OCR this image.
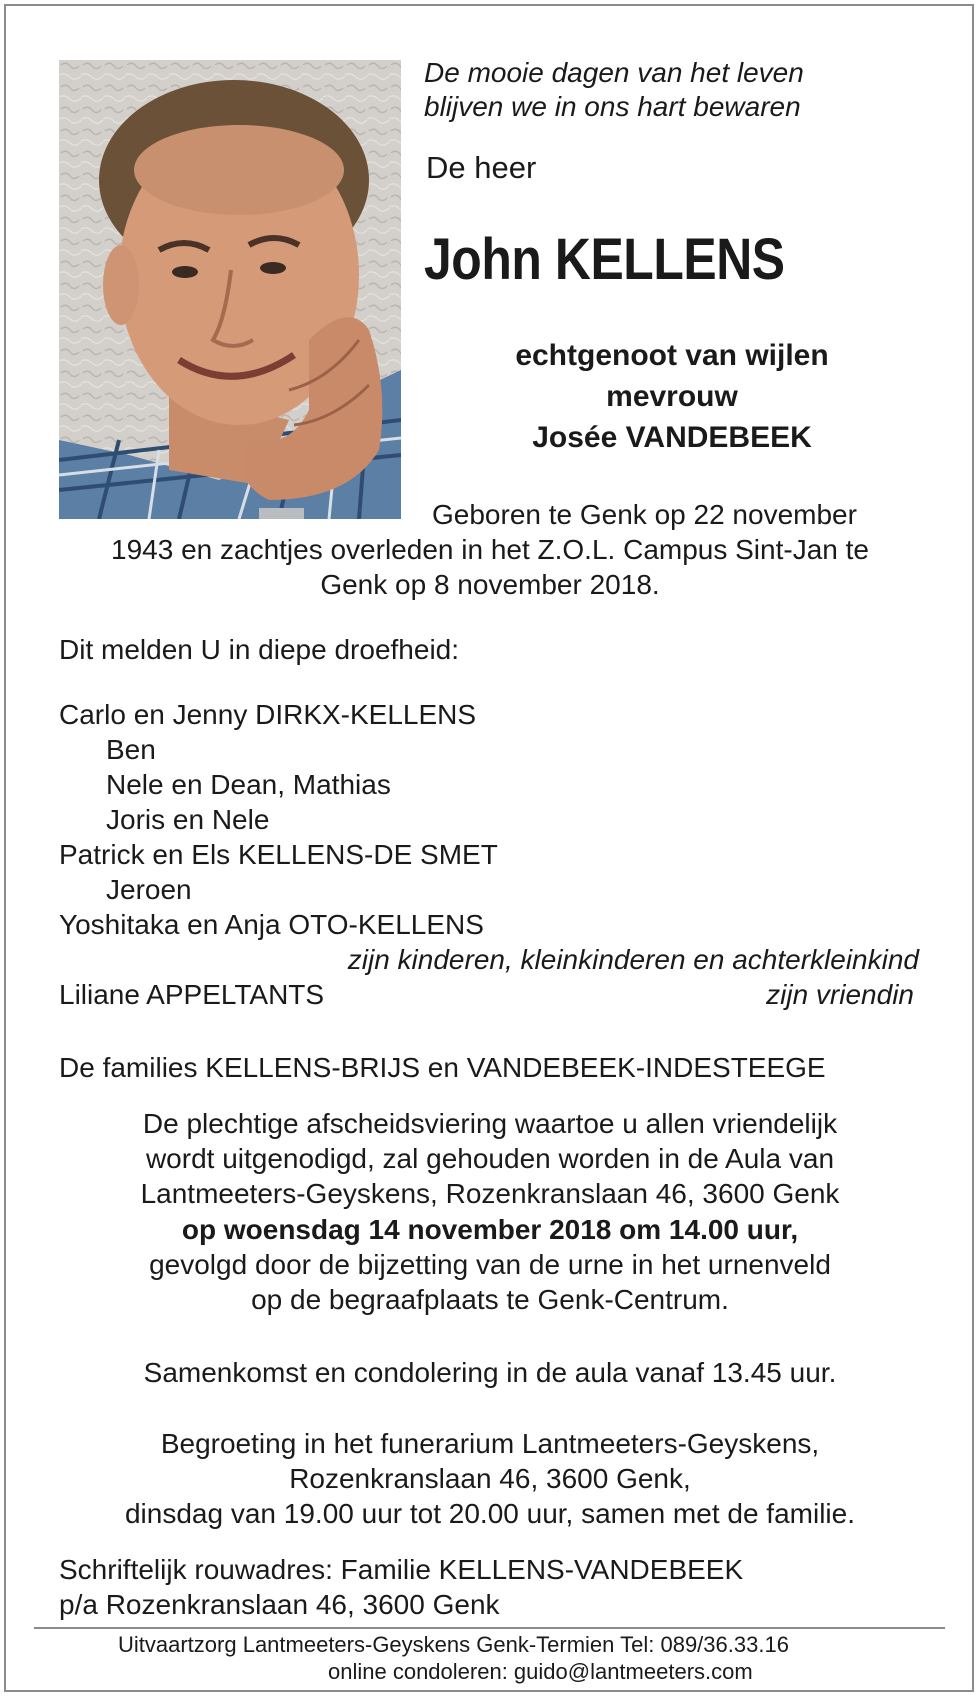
De mooie dagen van het leven

blijven we in ons hart bewaren

De heer

John KELLENS

echtgenoot van wijlen

mevrouw

Josée VANDEBEEK

Geboren te Genk op 22 november

1943 en zachtjes overleden in het Z.O.L. Campus Sint-Jan te

Genk op 8 november 2018.

Dit melden U in diepe droefheid:

Carlo en Jenny DIRKX-KELLENS

Ben

Nele en Dean, Mathias

Joris en Nele

Patrick en Els KELLENS-DE SMET

Jeroen

Yoshitaka en Anja OTO-KELLENS

zijn kinderen, kleinkinderen en achterkleinkind

Liliane APPELTANTS	zijn vriendin

De families KELLENS-BRIJS en VANDEBEEK-INDESTEEGE

De plechtige afscheidsviering waartoe u allen vriendelijk

wordt uitgenodigd, zal gehouden worden in de Aula van

Lantmeeters-Geyskens, Rozenkranslaan 46, 3600 Genk

op woensdag 14 november 2018 om 14.00 uur,

gevolgd door de bijzetting van de urne in het urnenveld

op de begraafplaats te Genk-Centrum.

Samenkomst en condolering in de aula vanaf 13.45 uur.

Begroeting in het funerarium Lantmeeters-Geyskens,

Rozenkranslaan 46, 3600 Genk,

dinsdag van 19.00 uur tot 20.00 uur, samen met de familie.

Schriftelijk rouwadres: Familie KELLENS-VANDEBEEK

p/a Rozenkranslaan 46, 3600 Genk

Uitvaartzorg Lantmeeters-Geyskens Genk-Termien Tel: 089/36.33.16

online condoleren: guido@lantmeeters.com
